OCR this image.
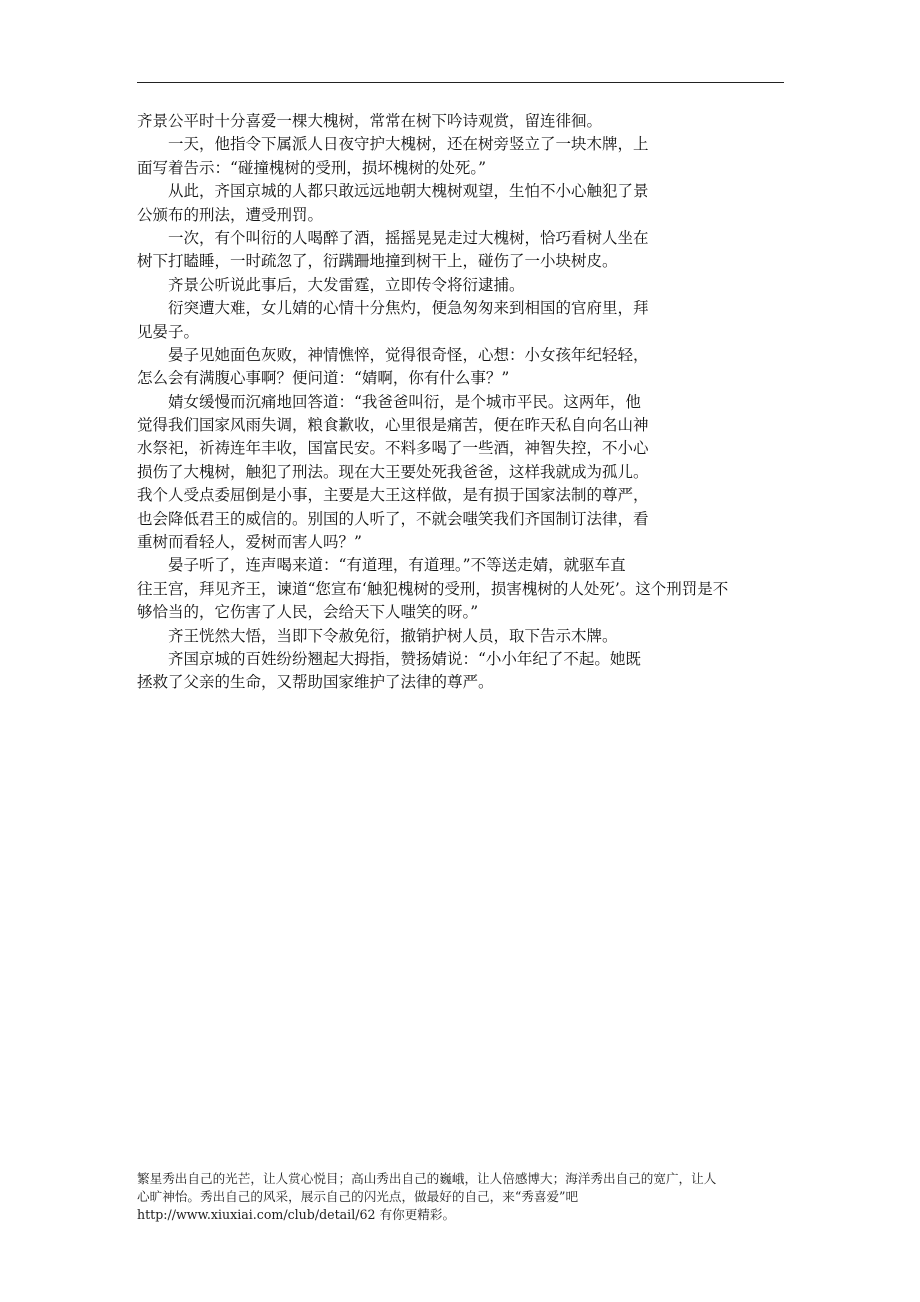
齐景公平时十分喜爱一棵大槐树，常常在树下吟诗观赏，留连徘徊。
一天，他指令下属派人日夜守护大槐树，还在树旁竖立了一块木牌，上
面写着告示：“碰撞槐树的受刑，损坏槐树的处死。”
从此，齐国京城的人都只敢远远地朝大槐树观望，生怕不小心触犯了景
公颁布的刑法，遭受刑罚。
一次，有个叫衍的人喝醉了酒，摇摇晃晃走过大槐树，恰巧看树人坐在
树下打瞌睡，一时疏忽了，衍蹒跚地撞到树干上，碰伤了一小块树皮。
齐景公听说此事后，大发雷霆，立即传令将衍逮捕。
衍突遭大难，女儿婧的心情十分焦灼，便急匆匆来到相国的官府里，拜
见晏子。
晏子见她面色灰败，神情憔悴，觉得很奇怪，心想：小女孩年纪轻轻，
怎么会有满腹心事啊？便问道：“婧啊，你有什么事？”
婧女缓慢而沉痛地回答道：“我爸爸叫衍，是个城市平民。这两年，他
觉得我们国家风雨失调，粮食歉收，心里很是痛苦，便在昨天私自向名山神
水祭祀，祈祷连年丰收，国富民安。不料多喝了一些酒，神智失控，不小心
损伤了大槐树，触犯了刑法。现在大王要处死我爸爸，这样我就成为孤儿。
我个人受点委屈倒是小事，主要是大王这样做，是有损于国家法制的尊严，
也会降低君王的威信的。别国的人听了，不就会嗤笑我们齐国制订法律，看
重树而看轻人，爱树而害人吗？”
晏子听了，连声喝来道：“有道理，有道理。”不等送走婧，就驱车直
往王宫，拜见齐王，谏道“您宣布‘触犯槐树的受刑，损害槐树的人处死’。这个刑罚是不
够恰当的，它伤害了人民，会给天下人嗤笑的呀。”
齐王恍然大悟，当即下令赦免衍，撤销护树人员，取下告示木牌。
齐国京城的百姓纷纷翘起大拇指，赞扬婧说：“小小年纪了不起。她既
拯救了父亲的生命，又帮助国家维护了法律的尊严。
繁星秀出自己的光芒，让人赏心悦目；高山秀出自己的巍峨，让人倍感博大；海洋秀出自己的宽广，让人
心旷神怡。秀出自己的风采，展示自己的闪光点，做最好的自己，来“秀喜爱”吧
http://www.xiuxiai.com/club/detail/62 有你更精彩。
